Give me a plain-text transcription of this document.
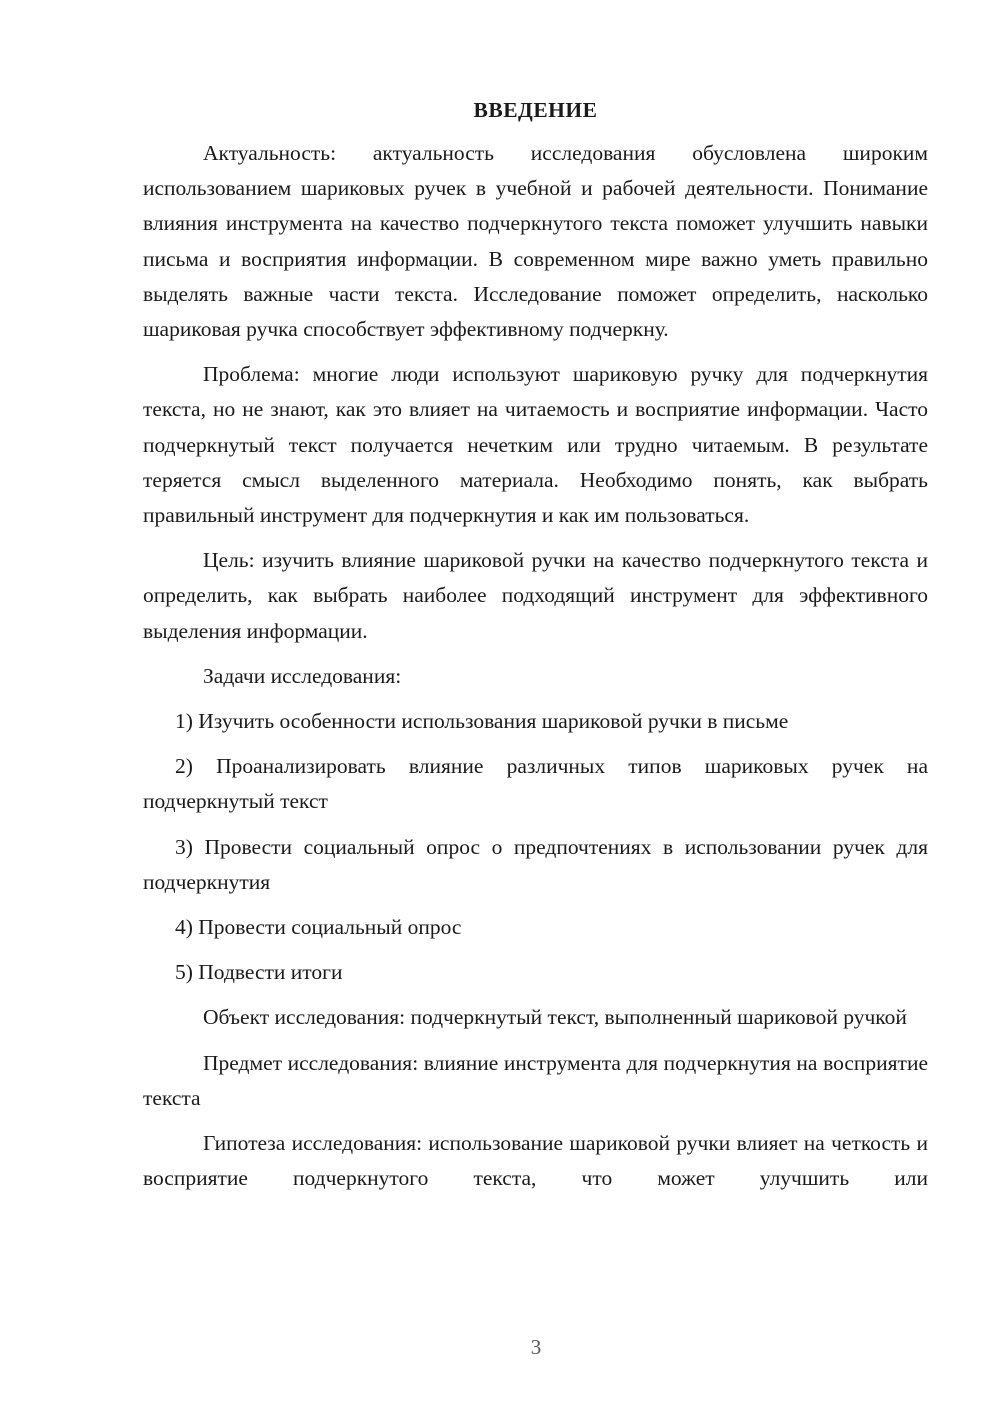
ВВЕДЕНИЕ

Актуальность: актуальность исследования обусловлена широким использованием шариковых ручек в учебной и рабочей деятельности. Понимание влияния инструмента на качество подчеркнутого текста поможет улучшить навыки письма и восприятия информации. В современном мире важно уметь правильно выделять важные части текста. Исследование поможет определить, насколько шариковая ручка способствует эффективному подчеркну.

Проблема: многие люди используют шариковую ручку для подчеркнутия текста, но не знают, как это влияет на читаемость и восприятие информации. Часто подчеркнутый текст получается нечетким или трудно читаемым. В результате теряется смысл выделенного материала. Необходимо понять, как выбрать правильный инструмент для подчеркнутия и как им пользоваться.

Цель: изучить влияние шариковой ручки на качество подчеркнутого текста и определить, как выбрать наиболее подходящий инструмент для эффективного выделения информации.

Задачи исследования:

1) Изучить особенности использования шариковой ручки в письме

2) Проанализировать влияние различных типов шариковых ручек на подчеркнутый текст

3) Провести социальный опрос о предпочтениях в использовании ручек для подчеркнутия

4) Провести социальный опрос

5) Подвести итоги

Объект исследования: подчеркнутый текст, выполненный шариковой ручкой

Предмет исследования: влияние инструмента для подчеркнутия на восприятие текста

Гипотеза исследования: использование шариковой ручки влияет на четкость и восприятие подчеркнутого текста, что может улучшить или

3
